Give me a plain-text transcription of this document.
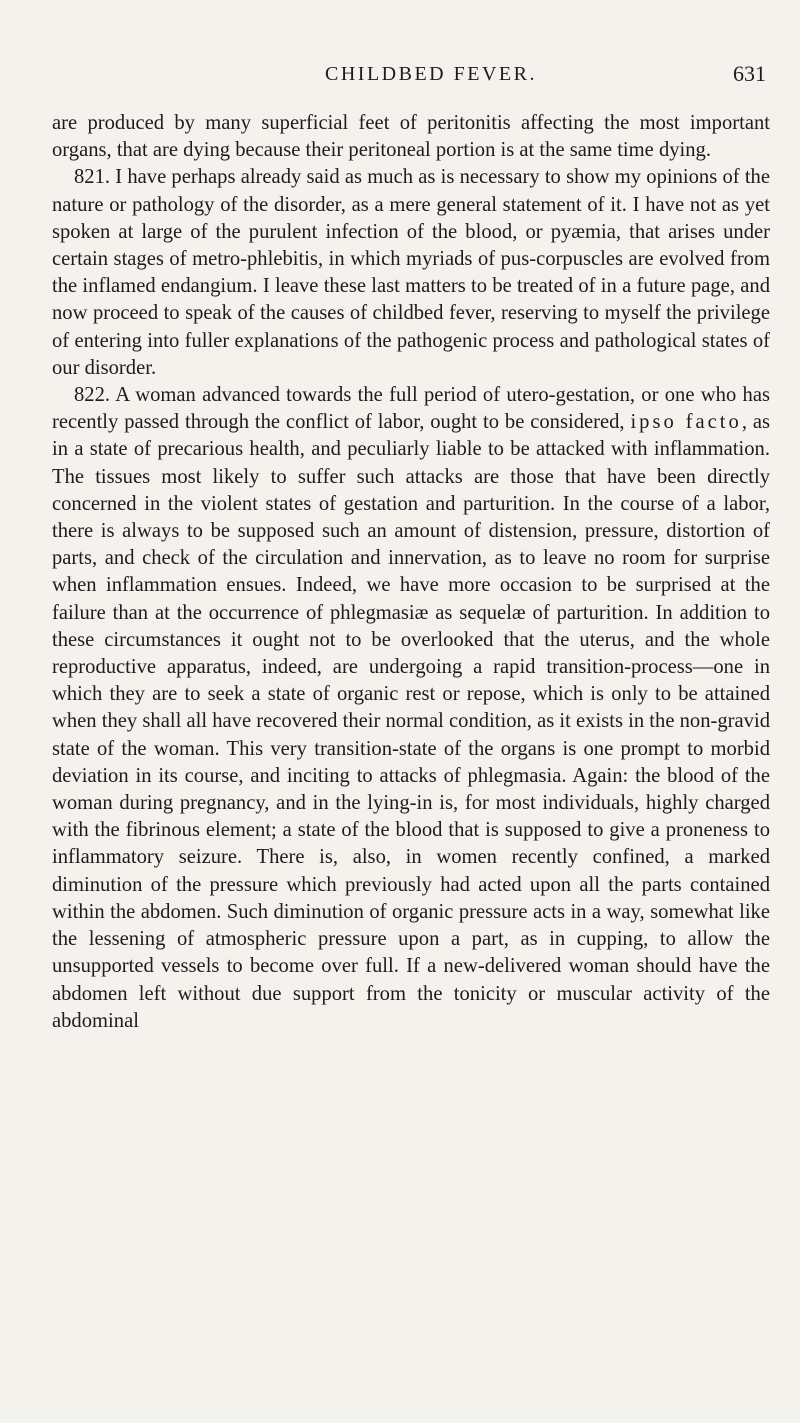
CHILDBED FEVER.	631

are produced by many superficial feet of peritonitis affecting the most important organs, that are dying because their peritoneal portion is at the same time dying.

821. I have perhaps already said as much as is necessary to show my opinions of the nature or pathology of the disorder, as a mere general statement of it. I have not as yet spoken at large of the purulent infection of the blood, or pyæmia, that arises under certain stages of metro-phlebitis, in which myriads of pus-corpuscles are evolved from the inflamed endangium. I leave these last matters to be treated of in a future page, and now proceed to speak of the causes of childbed fever, reserving to myself the privilege of entering into fuller explanations of the pathogenic process and pathological states of our disorder.

822. A woman advanced towards the full period of utero-gestation, or one who has recently passed through the conflict of labor, ought to be considered, ipso facto, as in a state of precarious health, and peculiarly liable to be attacked with inflammation. The tissues most likely to suffer such attacks are those that have been directly concerned in the violent states of gestation and parturition. In the course of a labor, there is always to be supposed such an amount of distension, pressure, distortion of parts, and check of the circulation and innervation, as to leave no room for surprise when inflammation ensues. Indeed, we have more occasion to be surprised at the failure than at the occurrence of phlegmasiæ as sequelæ of parturition. In addition to these circumstances it ought not to be overlooked that the uterus, and the whole reproductive apparatus, indeed, are undergoing a rapid transition-process—one in which they are to seek a state of organic rest or repose, which is only to be attained when they shall all have recovered their normal condition, as it exists in the non-gravid state of the woman. This very transition-state of the organs is one prompt to morbid deviation in its course, and inciting to attacks of phlegmasia. Again: the blood of the woman during pregnancy, and in the lying-in is, for most individuals, highly charged with the fibrinous element; a state of the blood that is supposed to give a proneness to inflammatory seizure. There is, also, in women recently confined, a marked diminution of the pressure which previously had acted upon all the parts contained within the abdomen. Such diminution of organic pressure acts in a way, somewhat like the lessening of atmospheric pressure upon a part, as in cupping, to allow the unsupported vessels to become over full. If a new-delivered woman should have the abdomen left without due support from the tonicity or muscular activity of the abdominal
